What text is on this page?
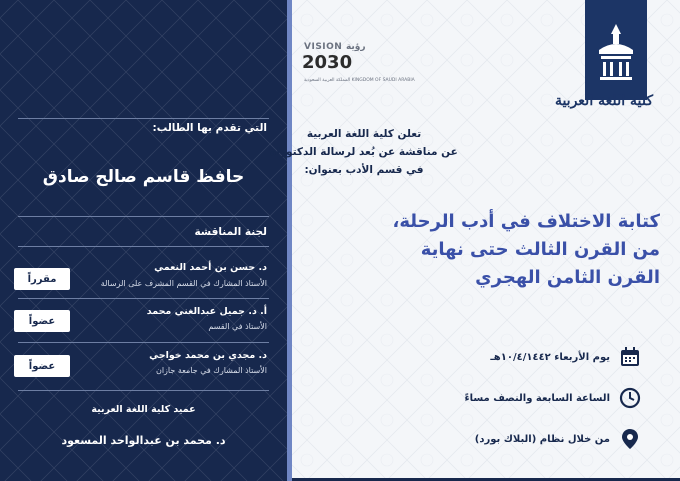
التي تقدم بها الطالب:
حافظ قاسم صالح صادق
لجنة المناقشة
د. حسن بن أحمد النعمي
الأستاذ المشارك في القسم المشرف على الرسالة
مقرراً
أ. د. جميل عبدالغني محمد
الأستاذ في القسم
عضواً
د. مجدي بن محمد خواجي
الأستاذ المشارك في جامعة جازان
عضواً
عميد كلية اللغة العربية
د. محمد بن عبدالواحد المسعود
كلية اللغة العربية
VISION رؤية
2030
المملكة العربية السعودية KINGDOM OF SAUDI ARABIA
تعلن كلية اللغة العربية
عن مناقشة عن بُعد لرسالة الدكتوراه
في قسم الأدب بعنوان:
كتابة الاختلاف في أدب الرحلة،
من القرن الثالث حتى نهاية
القرن الثامن الهجري
يوم الأربعاء ١٠/٤/١٤٤٢هـ
الساعة السابعة والنصف مساءً
من خلال نظام (البلاك بورد)
